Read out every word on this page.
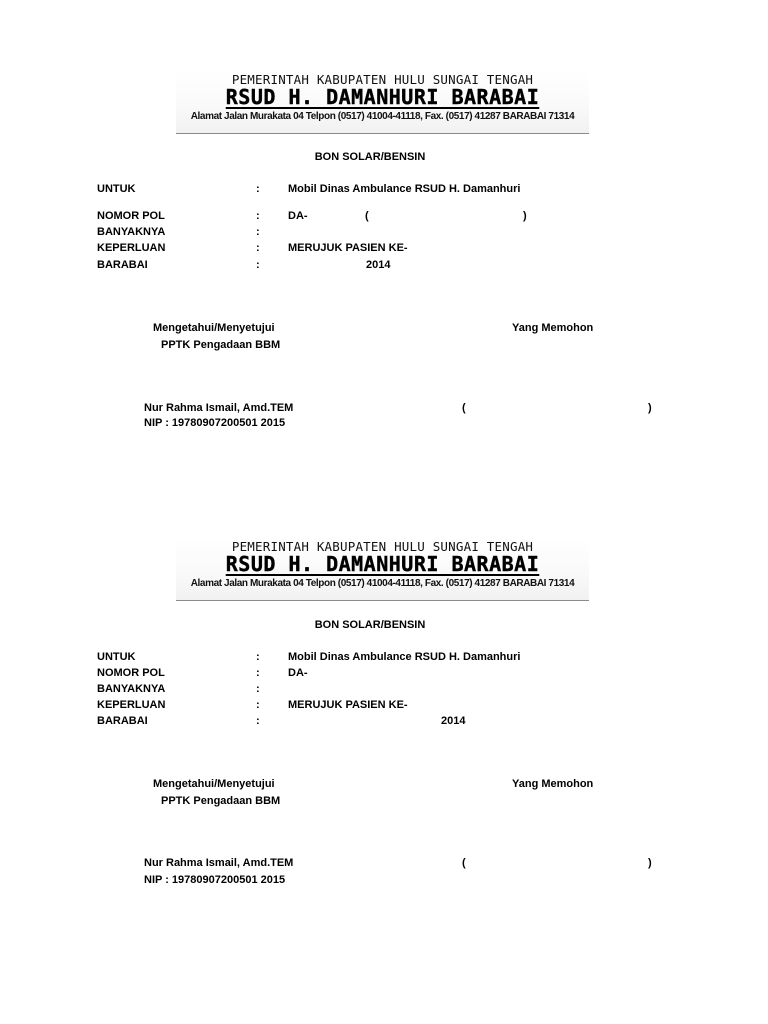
PEMERINTAH KABUPATEN HULU SUNGAI TENGAH
RSUD H. DAMANHURI BARABAI
Alamat Jalan Murakata 04 Telpon (0517) 41004-41118, Fax. (0517) 41287 BARABAI 71314
BON SOLAR/BENSIN
UNTUK	:	Mobil Dinas Ambulance RSUD H. Damanhuri
NOMOR POL	:	DA-	(	)
BANYAKNYA	:
KEPERLUAN	:	MERUJUK PASIEN KE-
BARABAI	:	2014
Mengetahui/Menyetujui	Yang Memohon
PPTK Pengadaan BBM
Nur Rahma Ismail, Amd.TEM	(	)
NIP : 19780907200501 2015
PEMERINTAH KABUPATEN HULU SUNGAI TENGAH
RSUD H. DAMANHURI BARABAI
Alamat Jalan Murakata 04 Telpon (0517) 41004-41118, Fax. (0517) 41287 BARABAI 71314
BON SOLAR/BENSIN
UNTUK	:	Mobil Dinas Ambulance RSUD H. Damanhuri
NOMOR POL	:	DA-
BANYAKNYA	:
KEPERLUAN	:	MERUJUK PASIEN KE-
BARABAI	:	2014
Mengetahui/Menyetujui	Yang Memohon
PPTK Pengadaan BBM
Nur Rahma Ismail, Amd.TEM	(	)
NIP : 19780907200501 2015
